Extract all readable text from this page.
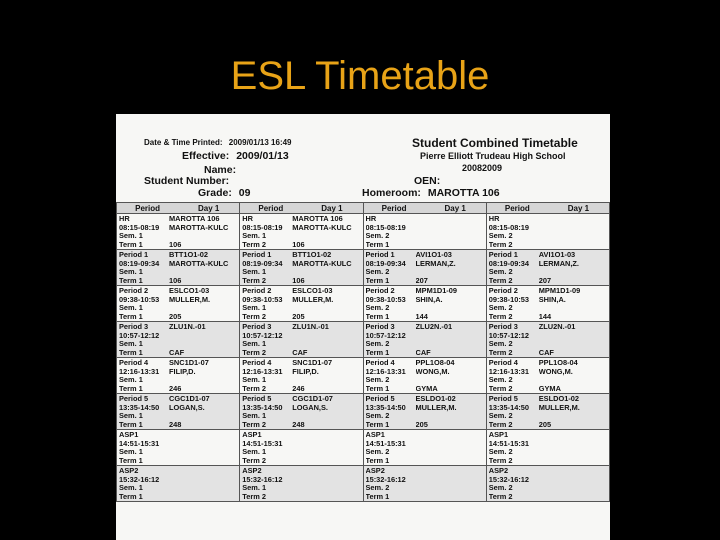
ESL Timetable
Date & Time Printed: 2009/01/13 16:49
Effective: 2009/01/13
Name:
Student Number:
Grade: 09
Student Combined Timetable
Pierre Elliott Trudeau High School
20082009
OEN:
Homeroom: MAROTTA 106
Period	Day 1
HR	MAROTTA 106
08:15-08:19	MAROTTA-KULC
Sem. 1
Term 1	106
Period 1	BTT1O1-02
08:19-09:34	MAROTTA-KULC
Sem. 1
Term 1	106
Period 2	ESLCO1-03
09:38-10:53	MULLER,M.
Sem. 1
Term 1	205
Period 3	ZLU1N.-01
10:57-12:12
Sem. 1
Term 1	CAF
Period 4	SNC1D1-07
12:16-13:31	FILIP,D.
Sem. 1
Term 1	246
Period 5	CGC1D1-07
13:35-14:50	LOGAN,S.
Sem. 1
Term 1	248
ASP1
14:51-15:31
Sem. 1
Term 1
ASP2
15:32-16:12
Sem. 1
Term 1
Period	Day 1
HR	MAROTTA 106
08:15-08:19	MAROTTA-KULC
Sem. 1
Term 2	106
Period 1	BTT1O1-02
08:19-09:34	MAROTTA-KULC
Sem. 1
Term 2	106
Period 2	ESLCO1-03
09:38-10:53	MULLER,M.
Sem. 1
Term 2	205
Period 3	ZLU1N.-01
10:57-12:12
Sem. 1
Term 2	CAF
Period 4	SNC1D1-07
12:16-13:31	FILIP,D.
Sem. 1
Term 2	246
Period 5	CGC1D1-07
13:35-14:50	LOGAN,S.
Sem. 1
Term 2	248
ASP1
14:51-15:31
Sem. 1
Term 2
ASP2
15:32-16:12
Sem. 1
Term 2
Period	Day 1
HR
08:15-08:19
Sem. 2
Term 1
Period 1	AVI1O1-03
08:19-09:34	LERMAN,Z.
Sem. 2
Term 1	207
Period 2	MPM1D1-09
09:38-10:53	SHIN,A.
Sem. 2
Term 1	144
Period 3	ZLU2N.-01
10:57-12:12
Sem. 2
Term 1	CAF
Period 4	PPL1O8-04
12:16-13:31	WONG,M.
Sem. 2
Term 1	GYMA
Period 5	ESLDO1-02
13:35-14:50	MULLER,M.
Sem. 2
Term 1	205
ASP1
14:51-15:31
Sem. 2
Term 1
ASP2
15:32-16:12
Sem. 2
Term 1
Period	Day 1
HR
08:15-08:19
Sem. 2
Term 2
Period 1	AVI1O1-03
08:19-09:34	LERMAN,Z.
Sem. 2
Term 2	207
Period 2	MPM1D1-09
09:38-10:53	SHIN,A.
Sem. 2
Term 2	144
Period 3	ZLU2N.-01
10:57-12:12
Sem. 2
Term 2	CAF
Period 4	PPL1O8-04
12:16-13:31	WONG,M.
Sem. 2
Term 2	GYMA
Period 5	ESLDO1-02
13:35-14:50	MULLER,M.
Sem. 2
Term 2	205
ASP1
14:51-15:31
Sem. 2
Term 2
ASP2
15:32-16:12
Sem. 2
Term 2
